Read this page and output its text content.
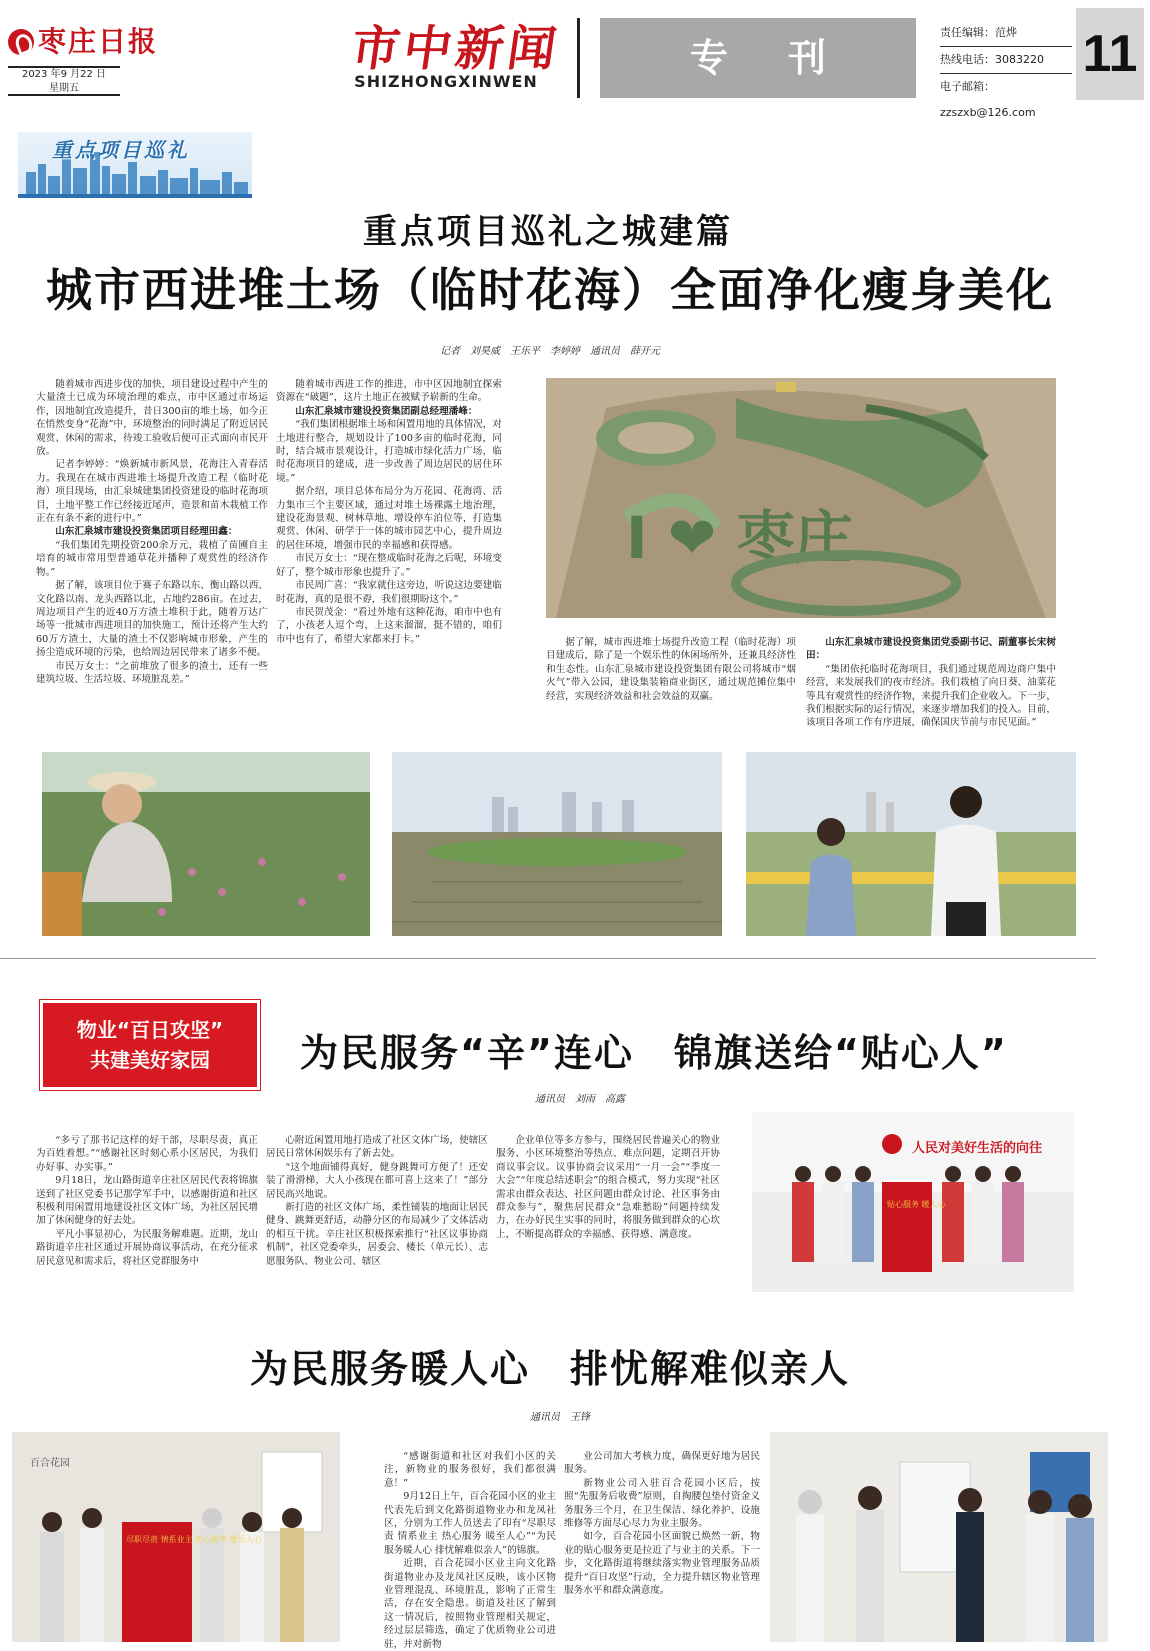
枣庄日报
2023 年9 月22 日
星期五
市中新闻
SHIZHONGXINWEN
专刊
责任编辑：范烨
热线电话：3083220
电子邮箱：zzszxb@126.com
11
重点项目巡礼
重点项目巡礼之城建篇
城市西进堆土场（临时花海）全面净化瘦身美化
记者　刘昊威　王乐平　李婷婷　通讯员　薛开元

随着城市西进步伐的加快，项目建设过程中产生的大量渣土已成为环境治理的难点，市中区通过市场运作，因地制宜改造提升，昔日300亩的堆土场，如今正在悄然变身“花海”中，环境整治的同时满足了附近居民观赏、休闲的需求，待竣工验收后便可正式面向市民开放。

记者李婷婷：“焕新城市新风景，花海注入青春活力。我现在在城市西进堆土场提升改造工程（临时花海）项目现场，由汇泉城建集团投资建设的临时花海项目，土地平整工作已经接近尾声，造景和苗木栽植工作正在有条不紊的进行中。”

山东汇泉城市建设投资集团项目经理田鑫：

“我们集团先期投资200余万元，栽植了苗圃自主培育的城市常用型普通草花并播种了观赏性的经济作物。”

据了解，该项目位于赛子东路以东、衡山路以西、文化路以南、龙头西路以北，占地约286亩。在过去，周边项目产生的近40万方渣土堆积于此，随着万达广场等一批城市西进项目的加快施工，预计还将产生大约60万方渣土，大量的渣土不仅影响城市形象，产生的扬尘造成环境的污染，也给周边居民带来了诸多不便。

市民万女士：“之前堆放了很多的渣土，还有一些建筑垃圾、生活垃圾、环境脏乱差。”

随着城市西进工作的推进，市中区因地制宜探索资源在“破题”，这片土地正在被赋予崭新的生命。

山东汇泉城市建设投资集团副总经理潘峰：

“我们集团根据堆土场和闲置用地的具体情况，对土地进行整合，规划设计了100多亩的临时花海，同时，结合城市景观设计，打造城市绿化活力广场，临时花海项目的建成，进一步改善了周边居民的居住环境。”

据介绍，项目总体布局分为万花园、花海湾、活力集市三个主要区域，通过对堆土场裸露土地治理，建设花海景观、树林草地、增设停车泊位等，打造集观赏、休闲、研学于一体的城市园艺中心，提升周边的居住环境，增强市民的幸福感和获得感。

市民万女士：“现在整成临时花海之后呢，环境变好了，整个城市形象也提升了。”

市民周广喜：“我家就住这旁边，听说这边要建临时花海，真的是很不孬，我们很期盼这个。”

市民贺茂金：“看过外地有这种花海，咱市中也有了，小孩老人逗个弯，上这来溜溜，挺不错的，咱们市中也有了，希望大家都来打卡。”

I ❤ 枣庄

据了解，城市西进堆土场提升改造工程（临时花海）项目建成后，除了是一个娱乐性的休闲场所外，还兼具经济性和生态性。山东汇泉城市建设投资集团有限公司将城市“烟火气”带入公园，建设集装箱商业街区，通过规范摊位集中经营，实现经济效益和社会效益的双赢。

山东汇泉城市建设投资集团党委副书记、副董事长宋树田：

“集团依托临时花海项目，我们通过规范周边商户集中经营，来发展我们的夜市经济。我们栽植了向日葵、油菜花等具有观赏性的经济作物，来提升我们企业收入。下一步，我们根据实际的运行情况，来逐步增加我们的投入。目前，该项目各项工作有序进展，确保国庆节前与市民见面。”

物业“百日攻坚”
共建美好家园	为民服务“辛”连心　锦旗送给“贴心人”
通讯员　刘雨　高露

“多亏了那书记这样的好干部，尽职尽责，真正为百姓着想。”“感谢社区时刻心系小区居民，为我们办好事、办实事。”

9月18日，龙山路街道辛庄社区居民代表将锦旗送到了社区党委书记那学军手中，以感谢街道和社区积极利用闲置用地建设社区文体广场，为社区居民增加了休闲健身的好去处。

平凡小事显初心，为民服务解难题。近期，龙山路街道辛庄社区通过开展协商议事活动，在充分征求居民意见和需求后，将社区党群服务中

心附近闲置用地打造成了社区文体广场，使辖区居民日常休闲娱乐有了新去处。

“这个地面铺得真好，健身跳舞可方便了！还安装了滑滑梯，大人小孩现在都可喜上这来了！”部分居民高兴地说。

新打造的社区文体广场，柔性铺装的地面让居民健身、跳舞更舒适，动静分区的布局减少了文体活动的相互干扰。辛庄社区积极探索推行“社区议事协商机制”，社区党委牵头，居委会、楼长（单元长）、志愿服务队、物业公司、辖区

企业单位等多方参与，围绕居民普遍关心的物业服务、小区环境整治等热点、难点问题，定期召开协商议事会议。议事协商会议采用“一月一会”“季度一大会”“年度总结述职会”的组合模式，努力实现“社区需求由群众表达、社区问题由群众讨论、社区事务由群众参与”，聚焦居民群众“急难愁盼”问题持续发力，在办好民生实事的同时，将服务做到群众的心坎上，不断提高群众的幸福感、获得感、满意度。

人民对美好生活的向往
贴心服务 暖人心
为民服务暖人心　排忧解难似亲人
通讯员　王锋
百合花园
尽职尽责 情系业主 热心服务 暖至人心

“感谢街道和社区对我们小区的关注，新物业的服务很好，我们都很满意！”

9月12日上午，百合花园小区的业主代表先后到文化路街道物业办和龙凤社区，分别为工作人员送去了印有“尽职尽责 情系业主 热心服务 暖至人心”“为民服务暖人心 排忧解难似亲人”的锦旗。

近期，百合花园小区业主向文化路街道物业办及龙凤社区反映，该小区物业管理混乱、环境脏乱，影响了正常生活，存在安全隐患。街道及社区了解到这一情况后，按照物业管理相关规定，经过层层筛选，确定了优质物业公司进驻，并对新物

业公司加大考核力度，确保更好地为居民服务。

新物业公司入驻百合花园小区后，按照“先服务后收费”原则，自掏腰包垫付资金义务服务三个月，在卫生保洁、绿化养护、设施维修等方面尽心尽力为业主服务。

如今，百合花园小区面貌已焕然一新，物业的贴心服务更是拉近了与业主的关系。下一步，文化路街道将继续落实物业管理服务品质提升“百日攻坚”行动，全力提升辖区物业管理服务水平和群众满意度。
